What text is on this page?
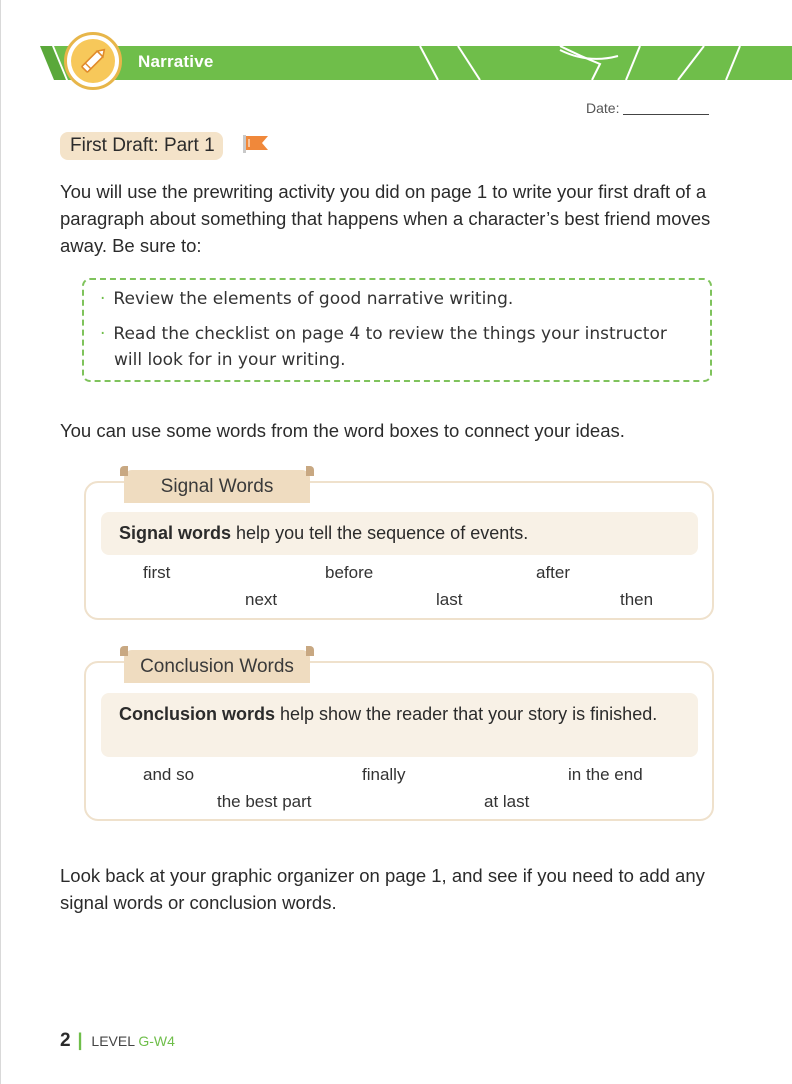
Narrative
Date:
First Draft: Part 1

You will use the prewriting activity you did on page 1 to write your first draft of a paragraph about something that happens when a character’s best friend moves away. Be sure to:

· Review the elements of good narrative writing.
· Read the checklist on page 4 to review the things your instructor
will look for in your writing.

You can use some words from the word boxes to connect your ideas.

Signal Words
Signal words help you tell the sequence of events.
first	before	after
next	last	then
Conclusion Words
Conclusion words help show the reader that your story is finished.
and so	finally	in the end
the best part	at last

Look back at your graphic organizer on page 1, and see if you need to add any signal words or conclusion words.

2 | LEVEL G-W4
